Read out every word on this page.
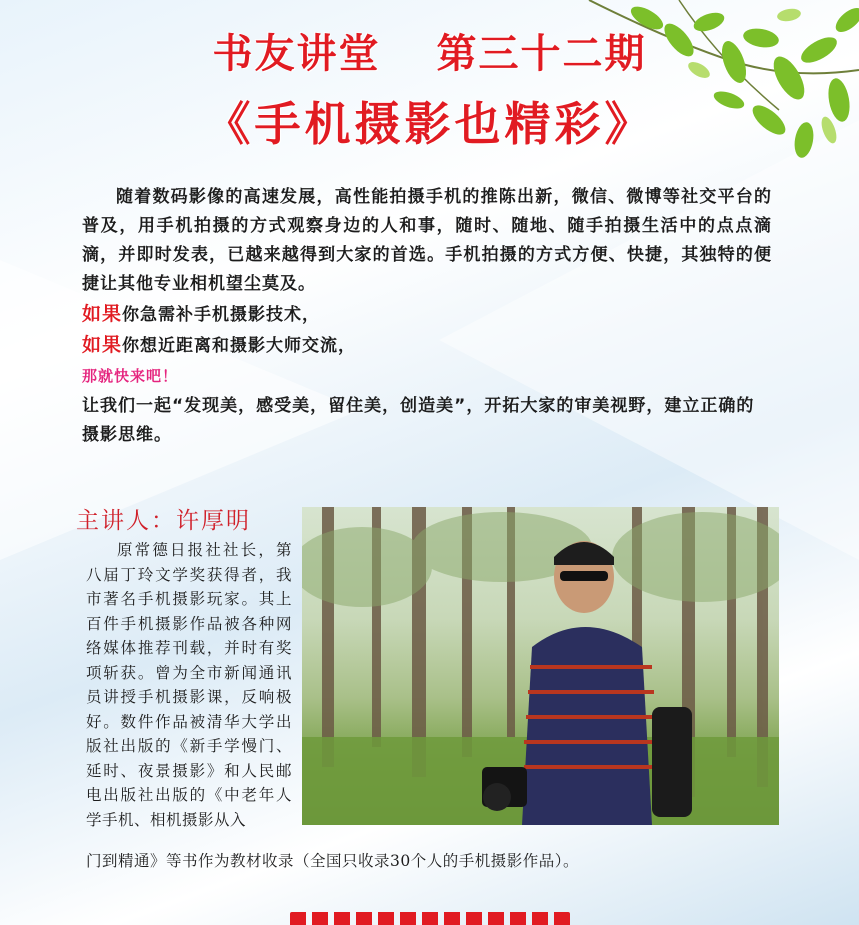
书友讲堂 第三十二期
《手机摄影也精彩》

随着数码影像的高速发展，高性能拍摄手机的推陈出新，微信、微博等社交平台的普及，用手机拍摄的方式观察身边的人和事，随时、随地、随手拍摄生活中的点点滴滴，并即时发表，已越来越得到大家的首选。手机拍摄的方式方便、快捷，其独特的便捷让其他专业相机望尘莫及。

如果你急需补手机摄影技术，

如果你想近距离和摄影大师交流，

那就快来吧！

让我们一起“发现美，感受美，留住美，创造美”，开拓大家的审美视野，建立正确的摄影思维。

主讲人：许厚明
原常德日报社社长，第八届丁玲文学奖获得者，我市著名手机摄影玩家。其上百件手机摄影作品被各种网络媒体推荐刊载，并时有奖项斩获。曾为全市新闻通讯员讲授手机摄影课，反响极好。数件作品被清华大学出版社出版的《新手学慢门、延时、夜景摄影》和人民邮电出版社出版的《中老年人学手机、相机摄影从入
门到精通》等书作为教材收录（全国只收录30个人的手机摄影作品）。
